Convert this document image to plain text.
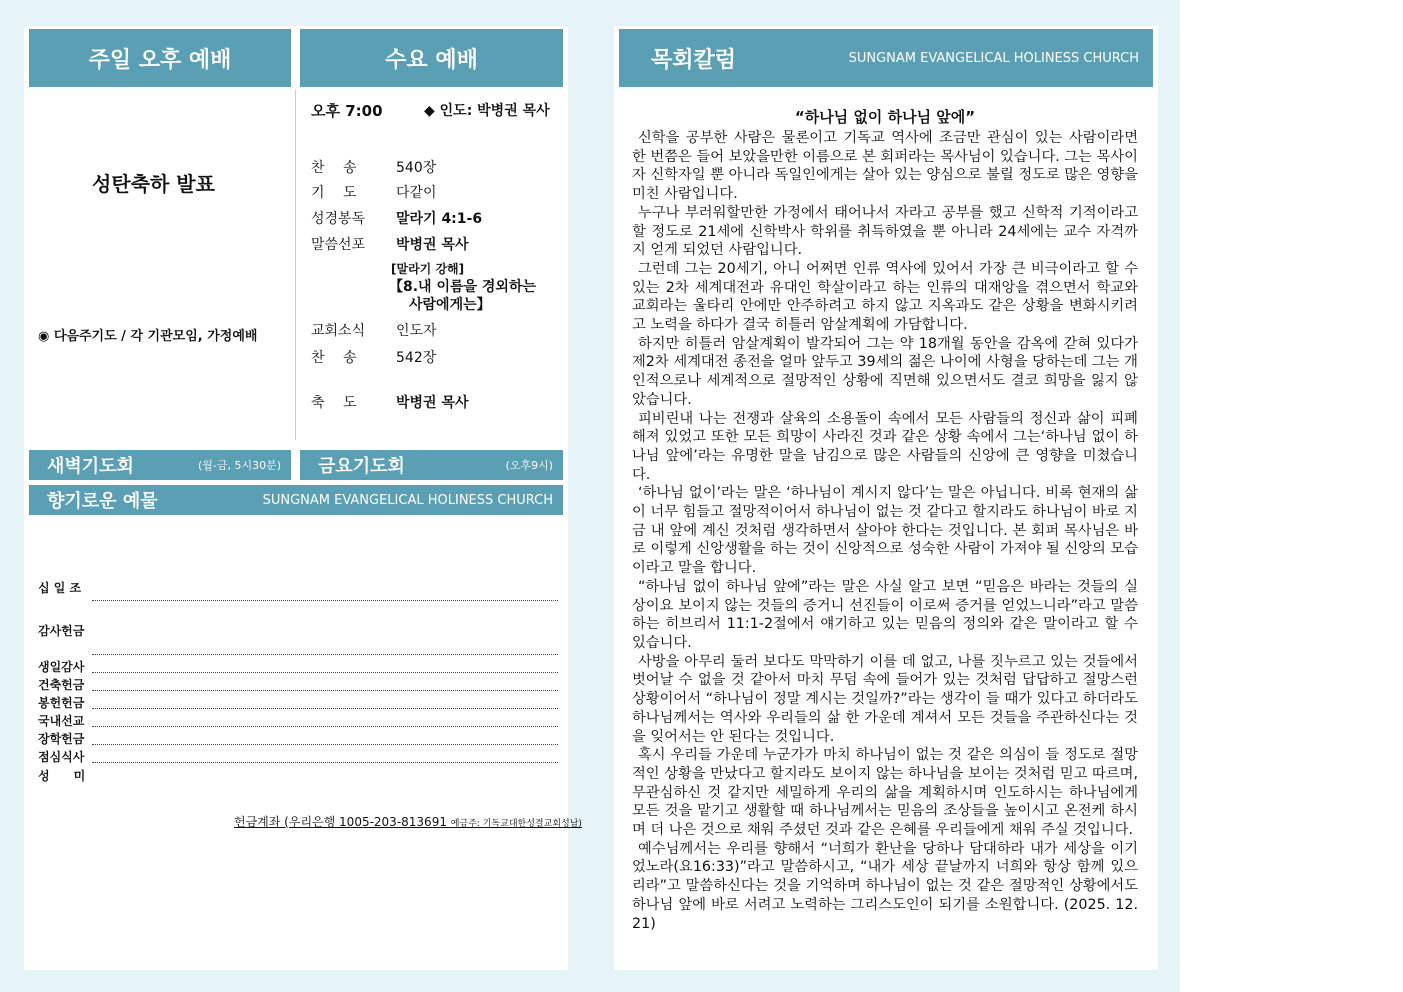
주일 오후 예배	수요 예배
성탄축하 발표
◉ 다음주기도 / 각 기관모임, 가정예배
오후 7:00	◆ 인도: 박병권 목사
찬　 송	540장
기　 도	다같이
성경봉독 말라기 4:1-6
말씀선포 박병권 목사
[말라기 강해]
【8.내 이름을 경외하는
사람에게는】
교회소식 인도자
찬　 송	542장
축　 도	박병권 목사
새벽기도회	(월-금, 5시30분)	금요기도회	(오후9시)
향기로운 예물	SUNGNAM EVANGELICAL HOLINESS CHURCH
십 일 조
감사헌금
생일감사
건축헌금
봉헌헌금
국내선교
장학헌금
점심식사
성　　미
헌금계좌 (우리은행 1005-203-813691 예금주: 기독교대한성결교회성남)
목회칼럼	SUNGNAM EVANGELICAL HOLINESS CHURCH
“하나님 없이 하나님 앞에”

신학을 공부한 사람은 물론이고 기독교 역사에 조금만 관심이 있는 사람이라면 한 번쯤은 들어 보았을만한 이름으로 본 회퍼라는 목사님이 있습니다. 그는 목사이자 신학자일 뿐 아니라 독일인에게는 살아 있는 양심으로 불릴 정도로 많은 영향을 미친 사람입니다.

누구나 부러워할만한 가정에서 태어나서 자라고 공부를 했고 신학적 기적이라고 할 정도로 21세에 신학박사 학위를 취득하였을 뿐 아니라 24세에는 교수 자격까지 얻게 되었던 사람입니다.

그런데 그는 20세기, 아니 어쩌면 인류 역사에 있어서 가장 큰 비극이라고 할 수 있는 2차 세계대전과 유대인 학살이라고 하는 인류의 대재앙을 겪으면서 학교와 교회라는 울타리 안에만 안주하려고 하지 않고 지옥과도 같은 상황을 변화시키려고 노력을 하다가 결국 히틀러 암살계획에 가담합니다.

하지만 히틀러 암살계획이 발각되어 그는 약 18개월 동안을 감옥에 갇혀 있다가 제2차 세계대전 종전을 얼마 앞두고 39세의 젊은 나이에 사형을 당하는데 그는 개인적으로나 세계적으로 절망적인 상황에 직면해 있으면서도 결코 희망을 잃지 않았습니다.

피비린내 나는 전쟁과 살육의 소용돌이 속에서 모든 사람들의 정신과 삶이 피폐해져 있었고 또한 모든 희망이 사라진 것과 같은 상황 속에서 그는‘하나님 없이 하나님 앞에’라는 유명한 말을 남김으로 많은 사람들의 신앙에 큰 영향을 미쳤습니다.

‘하나님 없이’라는 말은 ‘하나님이 계시지 않다’는 말은 아닙니다. 비록 현재의 삶이 너무 힘들고 절망적이어서 하나님이 없는 것 같다고 할지라도 하나님이 바로 지금 내 앞에 계신 것처럼 생각하면서 살아야 한다는 것입니다. 본 회퍼 목사님은 바로 이렇게 신앙생활을 하는 것이 신앙적으로 성숙한 사람이 가져야 될 신앙의 모습이라고 말을 합니다.

“하나님 없이 하나님 앞에”라는 말은 사실 알고 보면 “믿음은 바라는 것들의 실상이요 보이지 않는 것들의 증거니 선진들이 이로써 증거를 얻었느니라”라고 말씀하는 히브리서 11:1-2절에서 얘기하고 있는 믿음의 정의와 같은 말이라고 할 수 있습니다.

사방을 아무리 둘러 보다도 막막하기 이를 데 없고, 나를 짓누르고 있는 것들에서 벗어날 수 없을 것 같아서 마치 무덤 속에 들어가 있는 것처럼 답답하고 절망스런 상황이어서 “하나님이 정말 계시는 것일까?”라는 생각이 들 때가 있다고 하더라도 하나님께서는 역사와 우리들의 삶 한 가운데 계셔서 모든 것들을 주관하신다는 것을 잊어서는 안 된다는 것입니다.

혹시 우리들 가운데 누군가가 마치 하나님이 없는 것 같은 의심이 들 정도로 절망적인 상황을 만났다고 할지라도 보이지 않는 하나님을 보이는 것처럼 믿고 따르며, 무관심하신 것 같지만 세밀하게 우리의 삶을 계획하시며 인도하시는 하나님에게 모든 것을 맡기고 생활할 때 하나님께서는 믿음의 조상들을 높이시고 온전케 하시며 더 나은 것으로 채워 주셨던 것과 같은 은혜를 우리들에게 채워 주실 것입니다.

예수님께서는 우리를 향해서 “너희가 환난을 당하나 담대하라 내가 세상을 이기었노라(요16:33)”라고 말씀하시고, “내가 세상 끝날까지 너희와 항상 함께 있으리라”고 말씀하신다는 것을 기억하며 하나님이 없는 것 같은 절망적인 상황에서도 하나님 앞에 바로 서려고 노력하는 그리스도인이 되기를 소원합니다. (2025. 12. 21)
